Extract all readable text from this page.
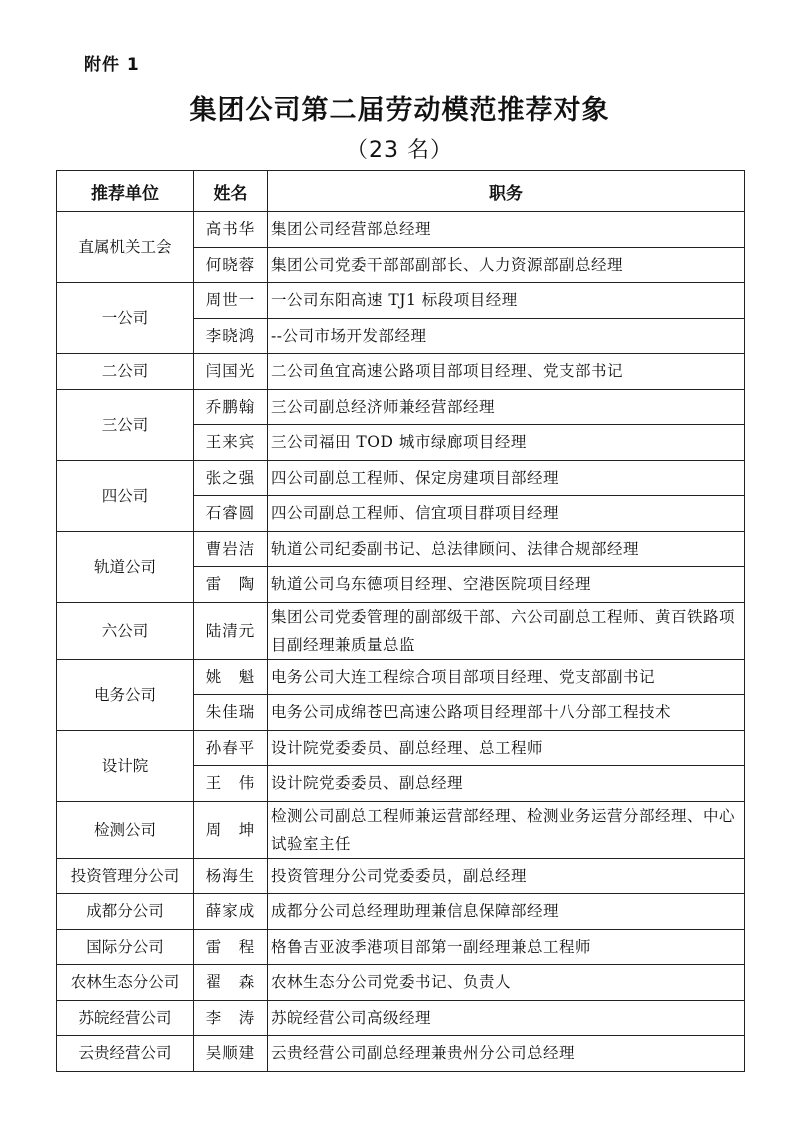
附件 1
集团公司第二届劳动模范推荐对象
（23 名）
推荐单位	姓名	职务
直属机关工会	高书华	集团公司经营部总经理
	何晓蓉	集团公司党委干部部副部长、人力资源部副总经理
一公司	周世一	一公司东阳高速 TJ1 标段项目经理
	李晓鸿	--公司市场开发部经理
二公司	闫国光	二公司鱼宜高速公路项目部项目经理、党支部书记
三公司	乔鹏翰	三公司副总经济师兼经营部经理
	王来宾	三公司福田 TOD 城市绿廊项目经理
四公司	张之强	四公司副总工程师、保定房建项目部经理
	石睿圆	四公司副总工程师、信宜项目群项目经理
轨道公司	曹岩洁	轨道公司纪委副书记、总法律顾问、法律合规部经理
	雷　陶	轨道公司乌东德项目经理、空港医院项目经理
六公司	陆清元	集团公司党委管理的副部级干部、六公司副总工程师、黄百铁路项目副经理兼质量总监
电务公司	姚　魁	电务公司大连工程综合项目部项目经理、党支部副书记
	朱佳瑞	电务公司成绵苍巴高速公路项目经理部十八分部工程技术
设计院	孙春平	设计院党委委员、副总经理、总工程师
	王　伟	设计院党委委员、副总经理
检测公司	周　坤	检测公司副总工程师兼运营部经理、检测业务运营分部经理、中心试验室主任
投资管理分公司	杨海生	投资管理分公司党委委员，副总经理
成都分公司	薛家成	成都分公司总经理助理兼信息保障部经理
国际分公司	雷　程	格鲁吉亚波季港项目部第一副经理兼总工程师
农林生态分公司	翟　森	农林生态分公司党委书记、负责人
苏皖经营公司	李　涛	苏皖经营公司高级经理
云贵经营公司	吴顺建	云贵经营公司副总经理兼贵州分公司总经理
